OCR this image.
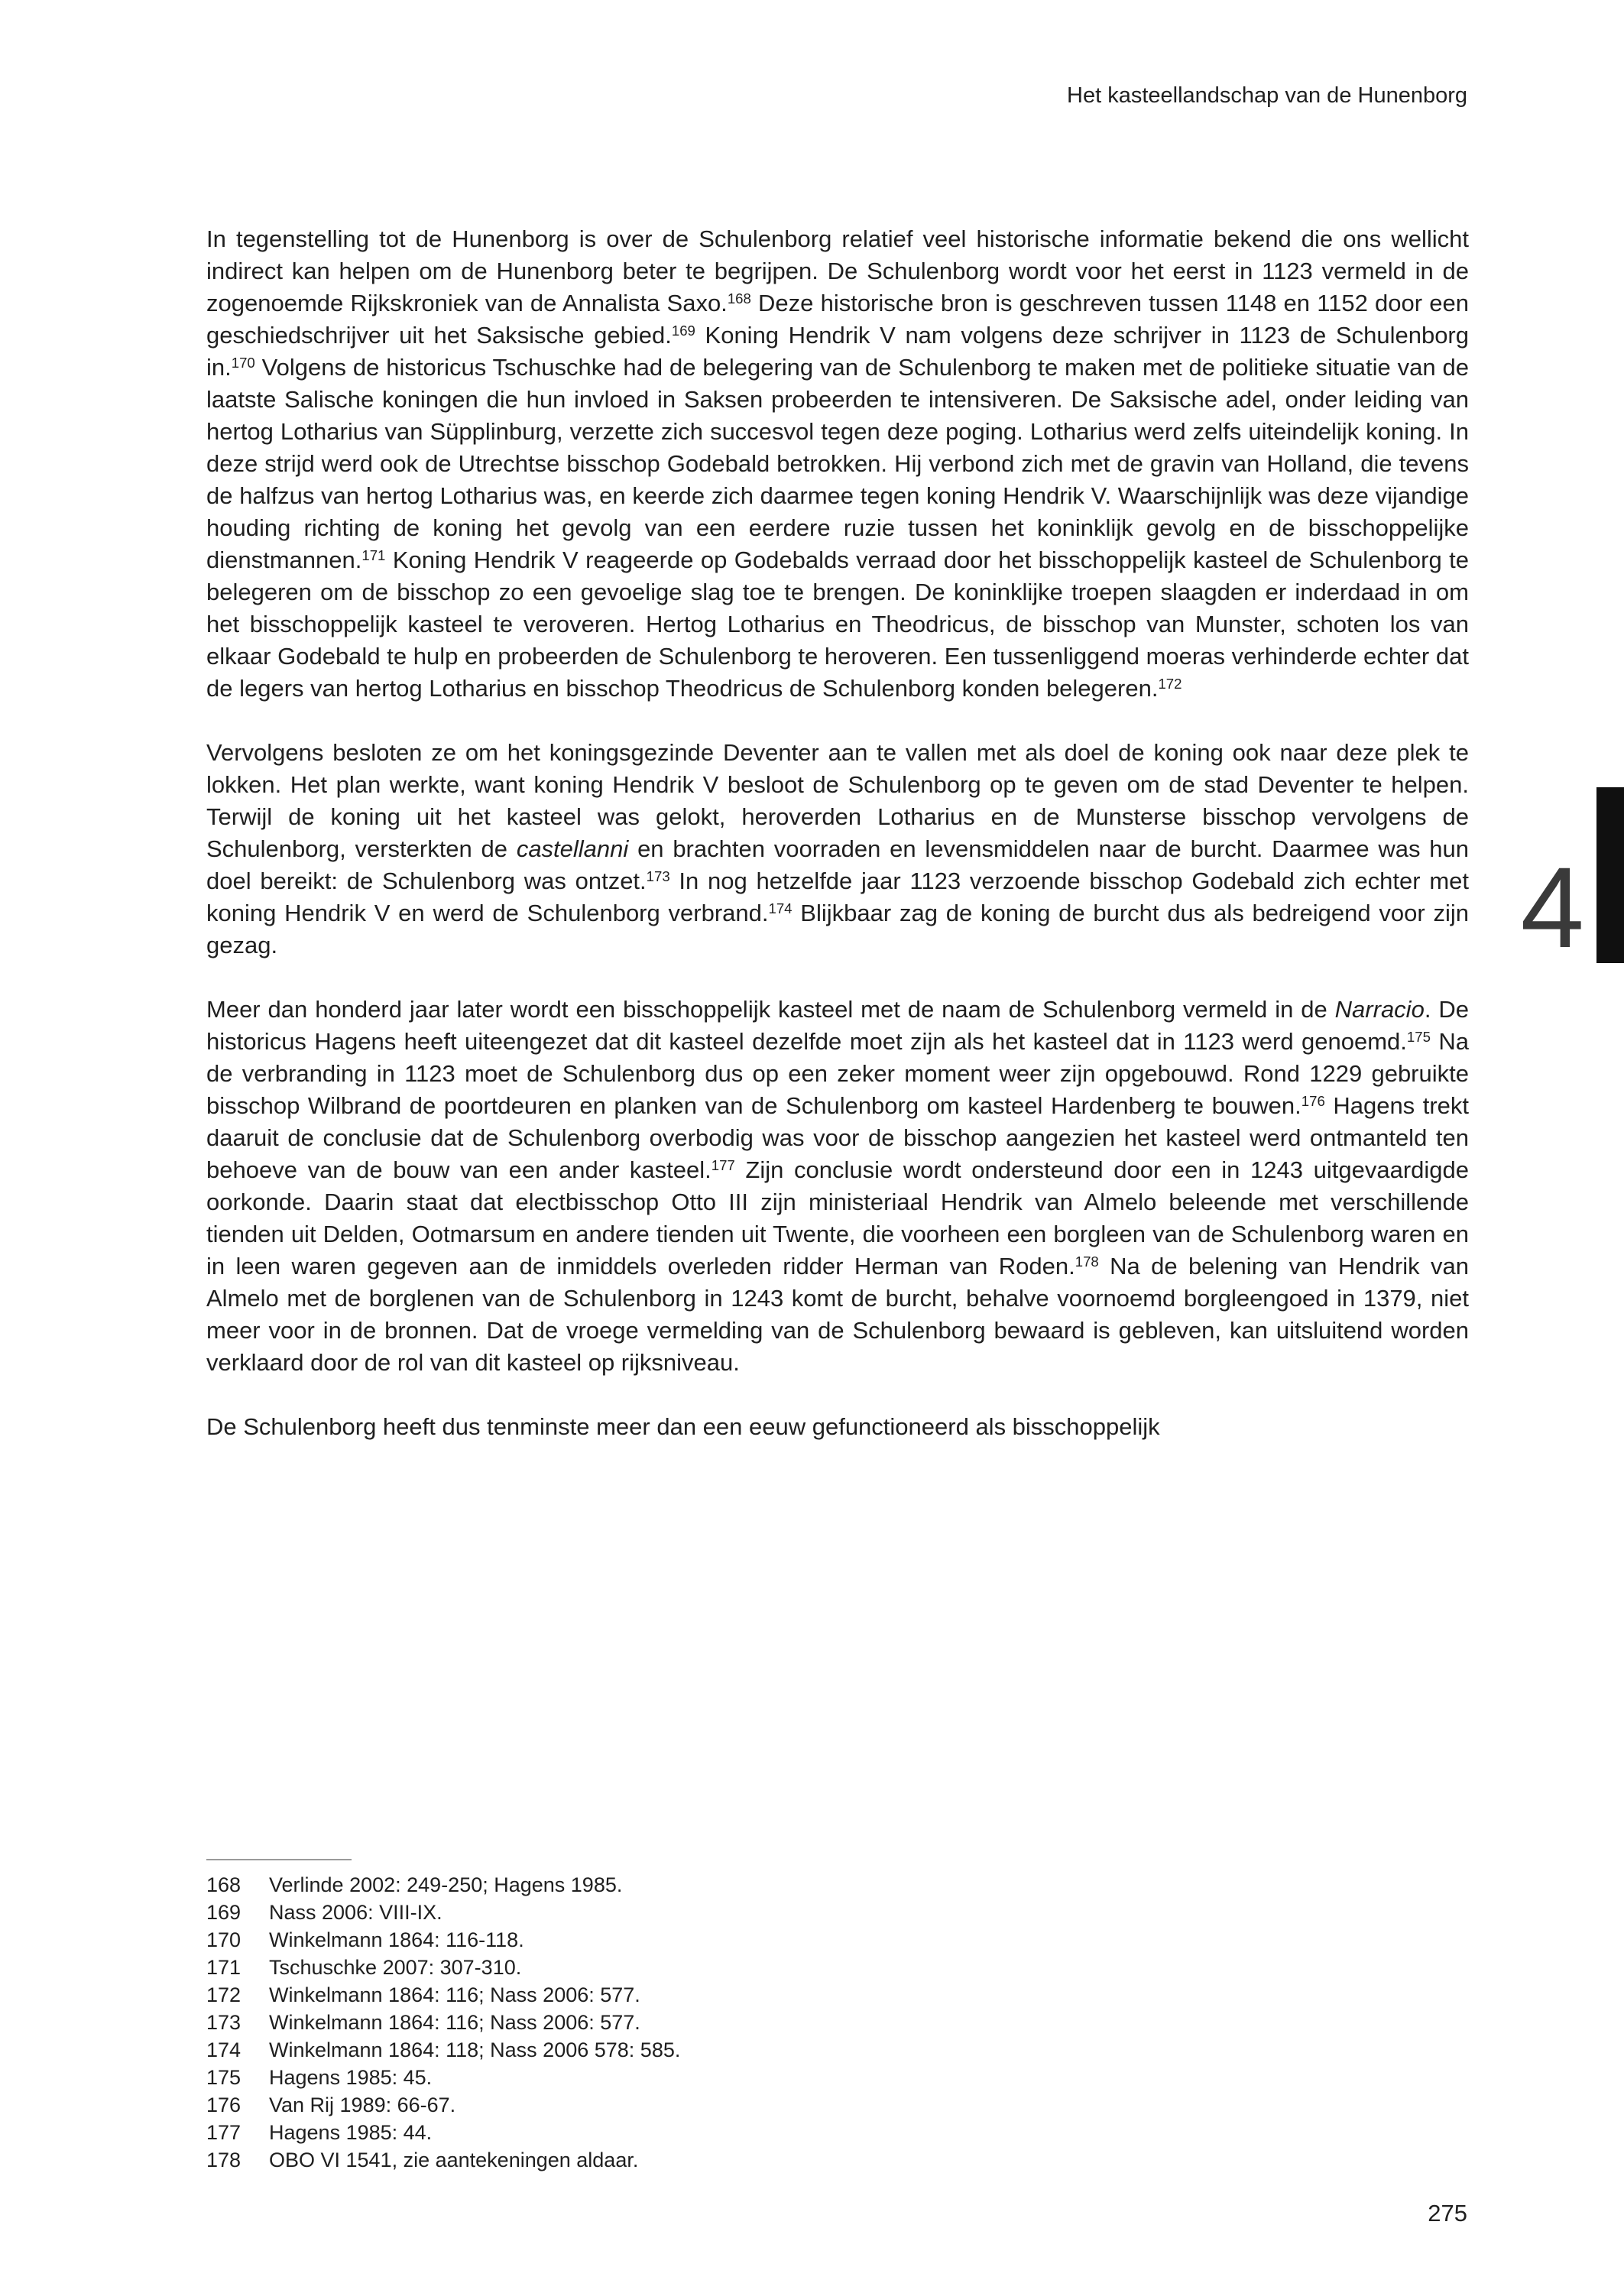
Het kasteellandschap van de Hunenborg

In tegenstelling tot de Hunenborg is over de Schulenborg relatief veel historische informatie bekend die ons wellicht indirect kan helpen om de Hunenborg beter te begrijpen. De Schulenborg wordt voor het eerst in 1123 vermeld in de zogenoemde Rijkskroniek van de Annalista Saxo.$^{168}$ Deze historische bron is geschreven tussen 1148 en 1152 door een geschiedschrijver uit het Saksische gebied.$^{169}$ Koning Hendrik V nam volgens deze schrijver in 1123 de Schulenborg in.$^{170}$ Volgens de historicus Tschuschke had de belegering van de Schulenborg te maken met de politieke situatie van de laatste Salische koningen die hun invloed in Saksen probeerden te intensiveren. De Saksische adel, onder leiding van hertog Lotharius van Süpplinburg, verzette zich succesvol tegen deze poging. Lotharius werd zelfs uiteindelijk koning. In deze strijd werd ook de Utrechtse bisschop Godebald betrokken. Hij verbond zich met de gravin van Holland, die tevens de halfzus van hertog Lotharius was, en keerde zich daarmee tegen koning Hendrik V. Waarschijnlijk was deze vijandige houding richting de koning het gevolg van een eerdere ruzie tussen het koninklijk gevolg en de bisschoppelijke dienstmannen.$^{171}$ Koning Hendrik V reageerde op Godebalds verraad door het bisschoppelijk kasteel de Schulenborg te belegeren om de bisschop zo een gevoelige slag toe te brengen. De koninklijke troepen slaagden er inderdaad in om het bisschoppelijk kasteel te veroveren. Hertog Lotharius en Theodricus, de bisschop van Munster, schoten los van elkaar Godebald te hulp en probeerden de Schulenborg te heroveren. Een tussenliggend moeras verhinderde echter dat de legers van hertog Lotharius en bisschop Theodricus de Schulenborg konden belegeren.$^{172}$

Vervolgens besloten ze om het koningsgezinde Deventer aan te vallen met als doel de koning ook naar deze plek te lokken. Het plan werkte, want koning Hendrik V besloot de Schulenborg op te geven om de stad Deventer te helpen. Terwijl de koning uit het kasteel was gelokt, heroverden Lotharius en de Munsterse bisschop vervolgens de Schulenborg, versterkten de castellanni en brachten voorraden en levensmiddelen naar de burcht. Daarmee was hun doel bereikt: de Schulenborg was ontzet.$^{173}$ In nog hetzelfde jaar 1123 verzoende bisschop Godebald zich echter met koning Hendrik V en werd de Schulenborg verbrand.$^{174}$ Blijkbaar zag de koning de burcht dus als bedreigend voor zijn gezag.

Meer dan honderd jaar later wordt een bisschoppelijk kasteel met de naam de Schulenborg vermeld in de Narracio. De historicus Hagens heeft uiteengezet dat dit kasteel dezelfde moet zijn als het kasteel dat in 1123 werd genoemd.$^{175}$ Na de verbranding in 1123 moet de Schulenborg dus op een zeker moment weer zijn opgebouwd. Rond 1229 gebruikte bisschop Wilbrand de poortdeuren en planken van de Schulenborg om kasteel Hardenberg te bouwen.$^{176}$ Hagens trekt daaruit de conclusie dat de Schulenborg overbodig was voor de bisschop aangezien het kasteel werd ontmanteld ten behoeve van de bouw van een ander kasteel.$^{177}$ Zijn conclusie wordt ondersteund door een in 1243 uitgevaardigde oorkonde. Daarin staat dat electbisschop Otto III zijn ministeriaal Hendrik van Almelo beleende met verschillende tienden uit Delden, Ootmarsum en andere tienden uit Twente, die voorheen een borgleen van de Schulenborg waren en in leen waren gegeven aan de inmiddels overleden ridder Herman van Roden.$^{178}$ Na de belening van Hendrik van Almelo met de borglenen van de Schulenborg in 1243 komt de burcht, behalve voornoemd borgleengoed in 1379, niet meer voor in de bronnen. Dat de vroege vermelding van de Schulenborg bewaard is gebleven, kan uitsluitend worden verklaard door de rol van dit kasteel op rijksniveau.

De Schulenborg heeft dus tenminste meer dan een eeuw gefunctioneerd als bisschoppelijk

4
168	Verlinde 2002: 249-250; Hagens 1985.
169	Nass 2006: VIII-IX.
170	Winkelmann 1864: 116-118.
171	Tschuschke 2007: 307-310.
172	Winkelmann 1864: 116; Nass 2006: 577.
173	Winkelmann 1864: 116; Nass 2006: 577.
174	Winkelmann 1864: 118; Nass 2006 578: 585.
175	Hagens 1985: 45.
176	Van Rij 1989: 66-67.
177	Hagens 1985: 44.
178	OBO VI 1541, zie aantekeningen aldaar.
275
